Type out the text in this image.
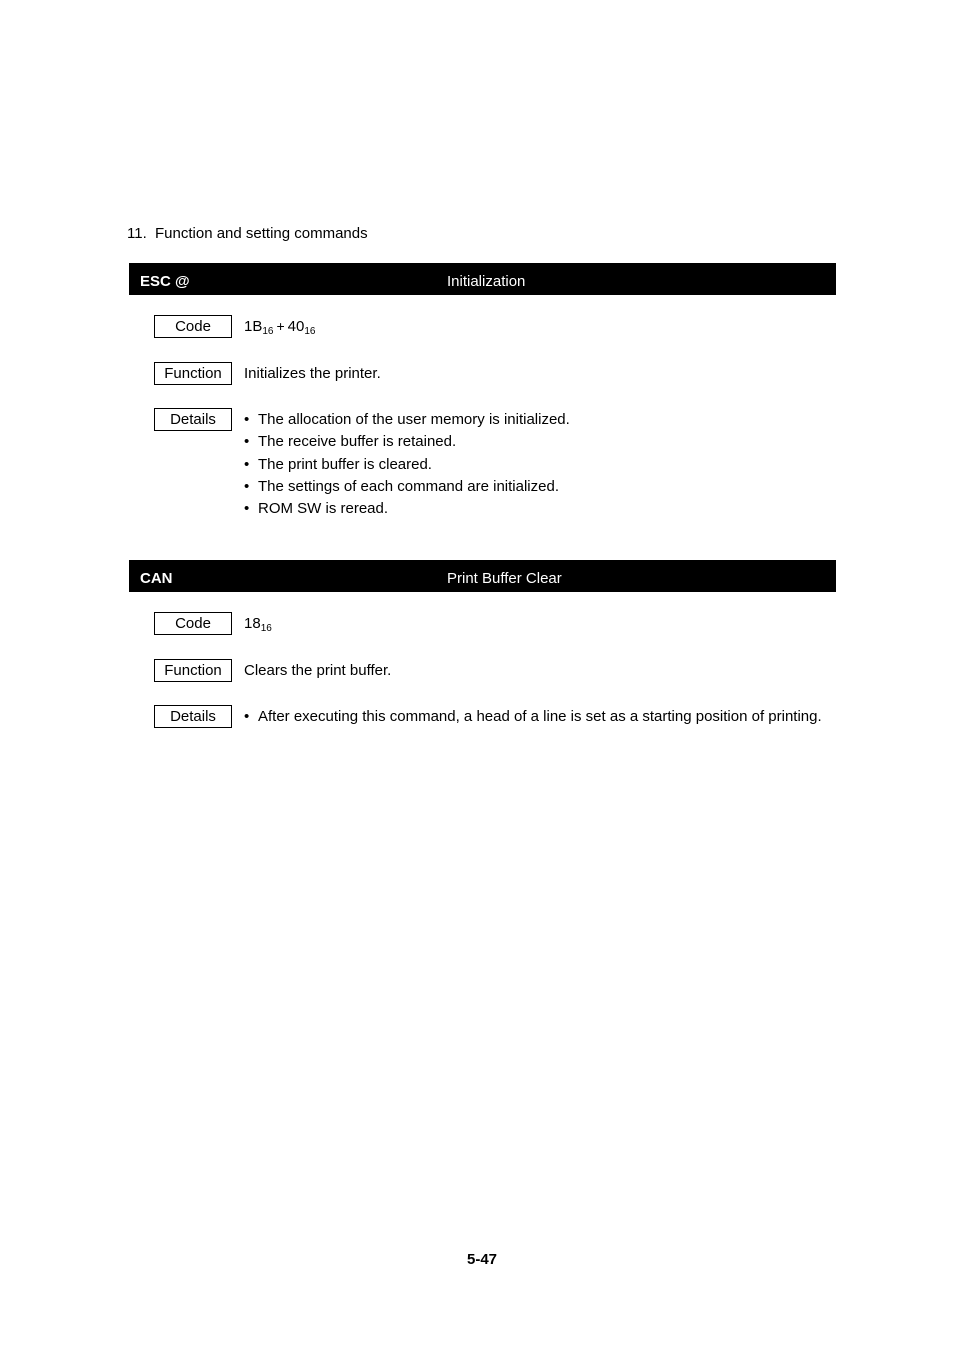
11. Function and setting commands
ESC @	Initialization
Code	$1B_{16} + 40_{16}$
Function	Initializes the printer.
Details	• The allocation of the user memory is initialized.
• The receive buffer is retained.
• The print buffer is cleared.
• The settings of each command are initialized.
• ROM SW is reread.
CAN	Print Buffer Clear
Code	$18_{16}$
Function	Clears the print buffer.
Details	• After executing this command, a head of a line is set as a starting position of printing.
5-47
